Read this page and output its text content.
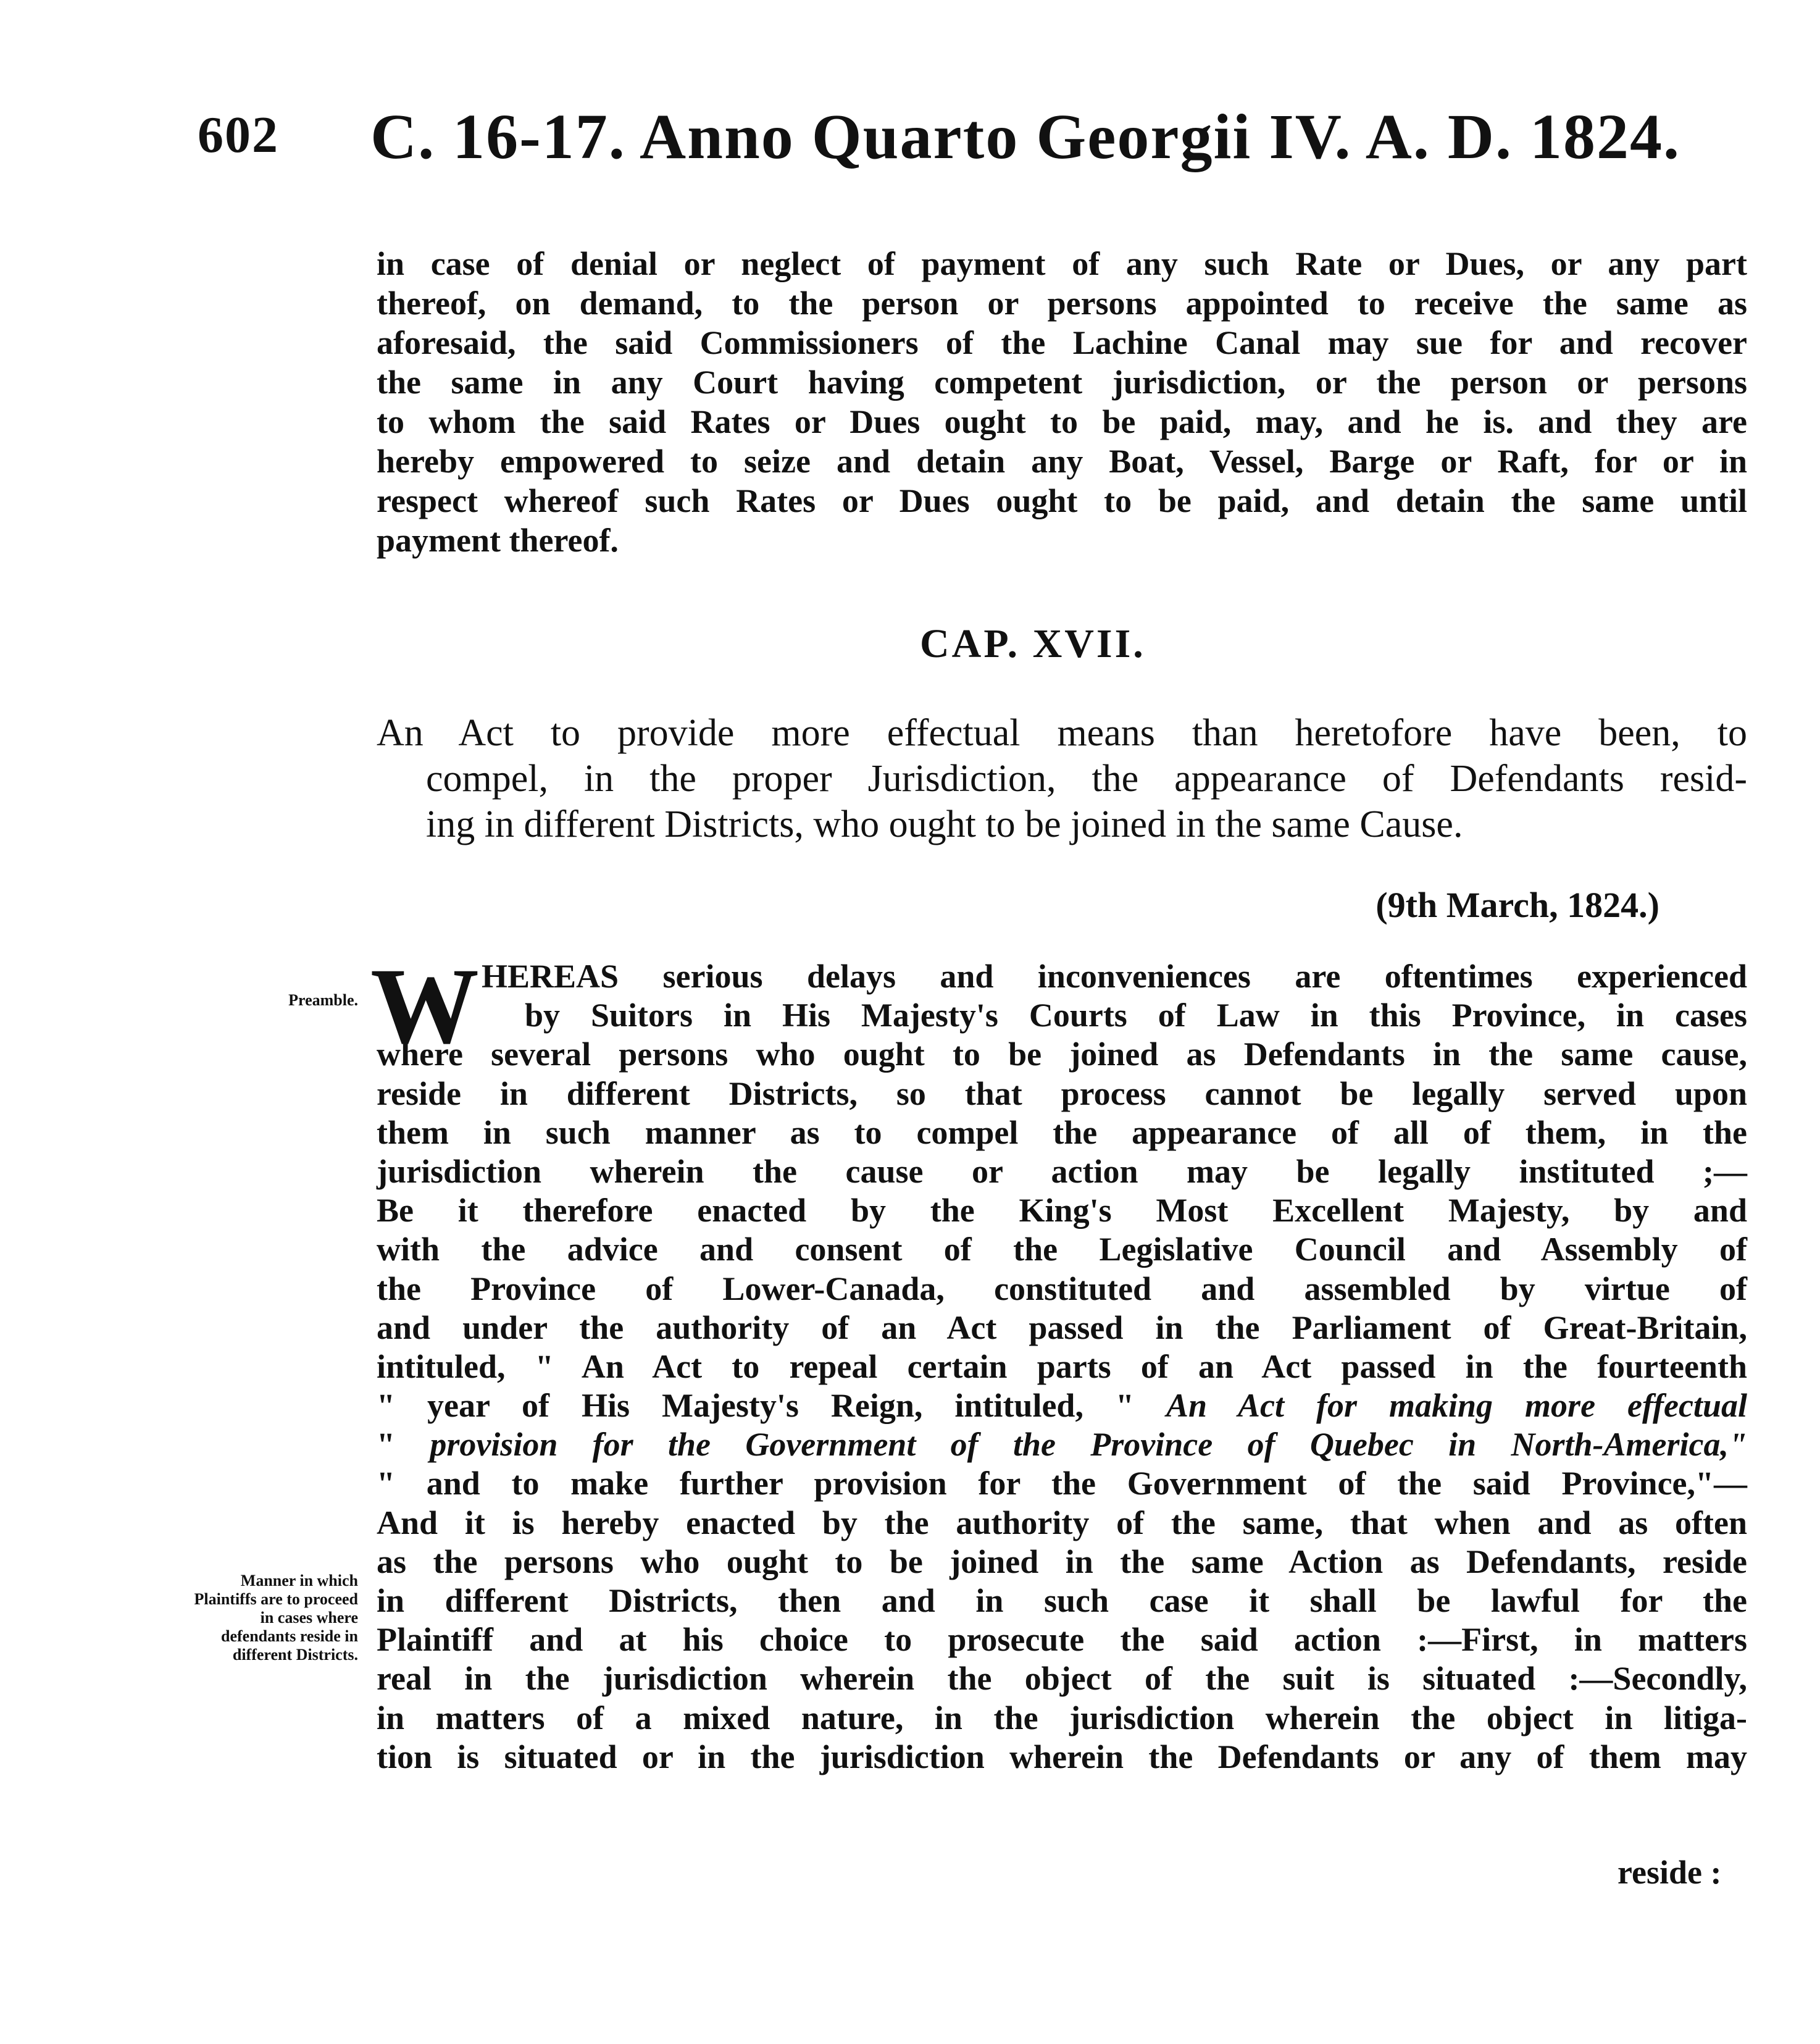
602 C. 16-17. Anno Quarto Georgii IV. A. D. 1824.
in case of denial or neglect of payment of any such Rate or Dues, or any part
thereof, on demand, to the person or persons appointed to receive the same as
aforesaid, the said Commissioners of the Lachine Canal may sue for and recover
the same in any Court having competent jurisdiction, or the person or persons
to whom the said Rates or Dues ought to be paid, may, and he is. and they are
hereby empowered to seize and detain any Boat, Vessel, Barge or Raft, for or in
respect whereof such Rates or Dues ought to be paid, and detain the same until
payment thereof.
CAP. XVII.
An Act to provide more effectual means than heretofore have been, to
compel, in the proper Jurisdiction, the appearance of Defendants resid-
ing in different Districts, who ought to be joined in the same Cause.
(9th March, 1824.)
Preamble.
Manner in which Plaintiffs are to proceed in cases where defendants reside in different Districts.
W HEREAS serious delays and inconveniences are oftentimes experienced
by Suitors in His Majesty's Courts of Law in this Province, in cases
where several persons who ought to be joined as Defendants in the same cause,
reside in different Districts, so that process cannot be legally served upon
them in such manner as to compel the appearance of all of them, in the
jurisdiction wherein the cause or action may be legally instituted ;—
Be it therefore enacted by the King's Most Excellent Majesty, by and
with the advice and consent of the Legislative Council and Assembly of
the Province of Lower-Canada, constituted and assembled by virtue of
and under the authority of an Act passed in the Parliament of Great-Britain,
intituled, " An Act to repeal certain parts of an Act passed in the fourteenth
" year of His Majesty's Reign, intituled, " An Act for making more effectual
" provision for the Government of the Province of Quebec in North-America,"
" and to make further provision for the Government of the said Province,"—
And it is hereby enacted by the authority of the same, that when and as often
as the persons who ought to be joined in the same Action as Defendants, reside
in different Districts, then and in such case it shall be lawful for the
Plaintiff and at his choice to prosecute the said action :—First, in matters
real in the jurisdiction wherein the object of the suit is situated :—Secondly,
in matters of a mixed nature, in the jurisdiction wherein the object in litiga-
tion is situated or in the jurisdiction wherein the Defendants or any of them may
reside :
